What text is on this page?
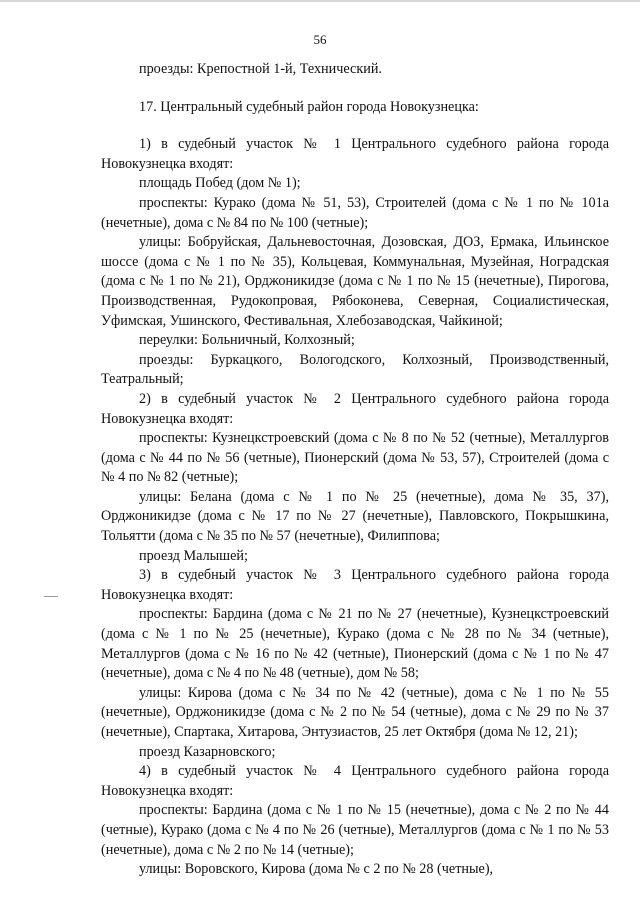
56

проезды: Крепостной 1-й, Технический.

17. Центральный судебный район города Новокузнецка:

1) в судебный участок № 1 Центрального судебного района города Новокузнецка входят:

площадь Побед (дом № 1);

проспекты: Курако (дома № 51, 53), Строителей (дома с № 1 по № 101а (нечетные), дома с № 84 по № 100 (четные);

улицы: Бобруйская, Дальневосточная, Дозовская, ДОЗ, Ермака, Ильинское шоссе (дома с № 1 по № 35), Кольцевая, Коммунальная, Музейная, Ноградская (дома с № 1 по № 21), Орджоникидзе (дома с № 1 по № 15 (нечетные), Пирогова, Производственная, Рудокопровая, Рябоконева, Северная, Социалистическая, Уфимская, Ушинского, Фестивальная, Хлебозаводская, Чайкиной;

переулки: Больничный, Колхозный;

проезды: Буркацкого, Вологодского, Колхозный, Производственный, Театральный;

2) в судебный участок № 2 Центрального судебного района города Новокузнецка входят:

проспекты: Кузнецкстроевский (дома с № 8 по № 52 (четные), Металлургов (дома с № 44 по № 56 (четные), Пионерский (дома № 53, 57), Строителей (дома с № 4 по № 82 (четные);

улицы: Белана (дома с № 1 по № 25 (нечетные), дома № 35, 37), Орджоникидзе (дома с № 17 по № 27 (нечетные), Павловского, Покрышкина, Тольятти (дома с № 35 по № 57 (нечетные), Филиппова;

проезд Малышей;

3) в судебный участок № 3 Центрального судебного района города Новокузнецка входят:

проспекты: Бардина (дома с № 21 по № 27 (нечетные), Кузнецкстроевский (дома с № 1 по № 25 (нечетные), Курако (дома с № 28 по № 34 (четные), Металлургов (дома с № 16 по № 42 (четные), Пионерский (дома с № 1 по № 47 (нечетные), дома с № 4 по № 48 (четные), дом № 58;

улицы: Кирова (дома с № 34 по № 42 (четные), дома с № 1 по № 55 (нечетные), Орджоникидзе (дома с № 2 по № 54 (четные), дома с № 29 по № 37 (нечетные), Спартака, Хитарова, Энтузиастов, 25 лет Октября (дома № 12, 21);

проезд Казарновского;

4) в судебный участок № 4 Центрального судебного района города Новокузнецка входят:

проспекты: Бардина (дома с № 1 по № 15 (нечетные), дома с № 2 по № 44 (четные), Курако (дома с № 4 по № 26 (четные), Металлургов (дома с № 1 по № 53 (нечетные), дома с № 2 по № 14 (четные);

улицы: Воровского, Кирова (дома № с 2 по № 28 (четные),
